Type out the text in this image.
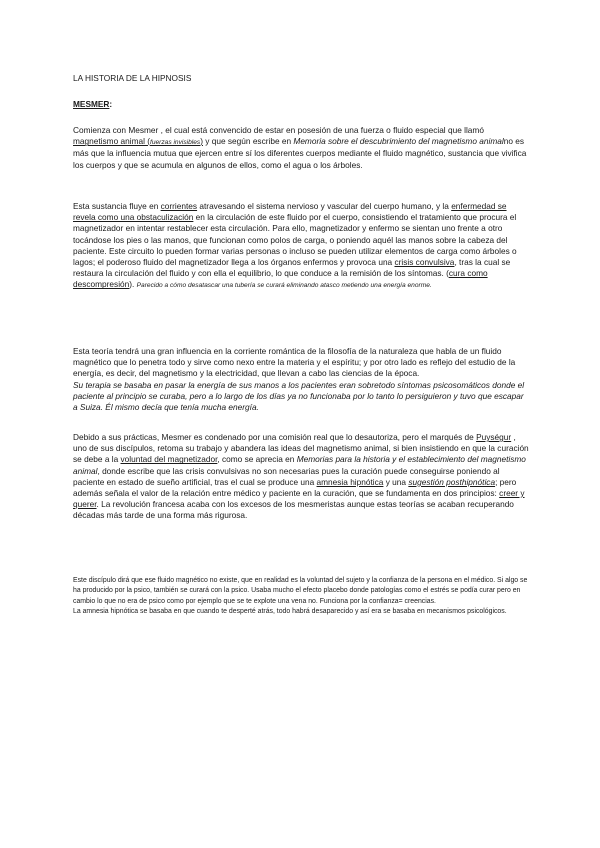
LA HISTORIA DE LA HIPNOSIS

MESMER:

Comienza con Mesmer , el cual está convencido de estar en posesión de una fuerza o fluido especial que llamó magnetismo animal (fuerzas invisibles) y que según escribe en Memoria sobre el descubrimiento del magnetismo animalno es más que la influencia mutua que ejercen entre sí los diferentes cuerpos mediante el fluido magnético, sustancia que vivifica los cuerpos y que se acumula en algunos de ellos, como el agua o los árboles.

Esta sustancia fluye en corrientes atravesando el sistema nervioso y vascular del cuerpo humano, y la enfermedad se revela como una obstaculización en la circulación de este fluido por el cuerpo, consistiendo el tratamiento que procura el magnetizador en intentar restablecer esta circulación. Para ello, magnetizador y enfermo se sientan uno frente a otro tocándose los pies o las manos, que funcionan como polos de carga, o poniendo aquél las manos sobre la cabeza del paciente. Este circuito lo pueden formar varias personas o incluso se pueden utilizar elementos de carga como árboles o lagos; el poderoso fluido del magnetizador llega a los órganos enfermos y provoca una crisis convulsiva, tras la cual se restaura la circulación del fluido y con ella el equilibrio, lo que conduce a la remisión de los síntomas. (cura como descompresión). Parecido a cómo desatascar una tubería se curará eliminando atasco metiendo una energía enorme.

Esta teoría tendrá una gran influencia en la corriente romántica de la filosofía de la naturaleza que habla de un fluido magnético que lo penetra todo y sirve como nexo entre la materia y el espíritu; y por otro lado es reflejo del estudio de la energía, es decir, del magnetismo y la electricidad, que llevan a cabo las ciencias de la época.

Su terapia se basaba en pasar la energía de sus manos a los pacientes eran sobretodo síntomas psicosomáticos donde el paciente al principio se curaba, pero a lo largo de los días ya no funcionaba por lo tanto lo persiguieron y tuvo que escapar a Suiza. Él mismo decía que tenía mucha energía.

Debido a sus prácticas, Mesmer es condenado por una comisión real que lo desautoriza, pero el marqués de Puységur , uno de sus discípulos, retoma su trabajo y abandera las ideas del magnetismo animal, si bien insistiendo en que la curación se debe a la voluntad del magnetizador, como se aprecia en Memorias para la historia y el establecimiento del magnetismo animal, donde escribe que las crisis convulsivas no son necesarias pues la curación puede conseguirse poniendo al paciente en estado de sueño artificial, tras el cual se produce una amnesia hipnótica y una sugestión posthipnótica; pero además señala el valor de la relación entre médico y paciente en la curación, que se fundamenta en dos principios: creer y querer. La revolución francesa acaba con los excesos de los mesmeristas aunque estas teorías se acaban recuperando décadas más tarde de una forma más rigurosa.

Este discípulo dirá que ese fluido magnético no existe, que en realidad es la voluntad del sujeto y la confianza de la persona en el médico. Si algo se ha producido por la psico, también se curará con la psico. Usaba mucho el efecto placebo donde patologías como el estrés se podía curar pero en cambio lo que no era de psico como por ejemplo que se te explote una vena no. Funciona por la confianza= creencias.

La amnesia hipnótica se basaba en que cuando te desperté atrás, todo habrá desaparecido y así era se basaba en mecanismos psicológicos.
